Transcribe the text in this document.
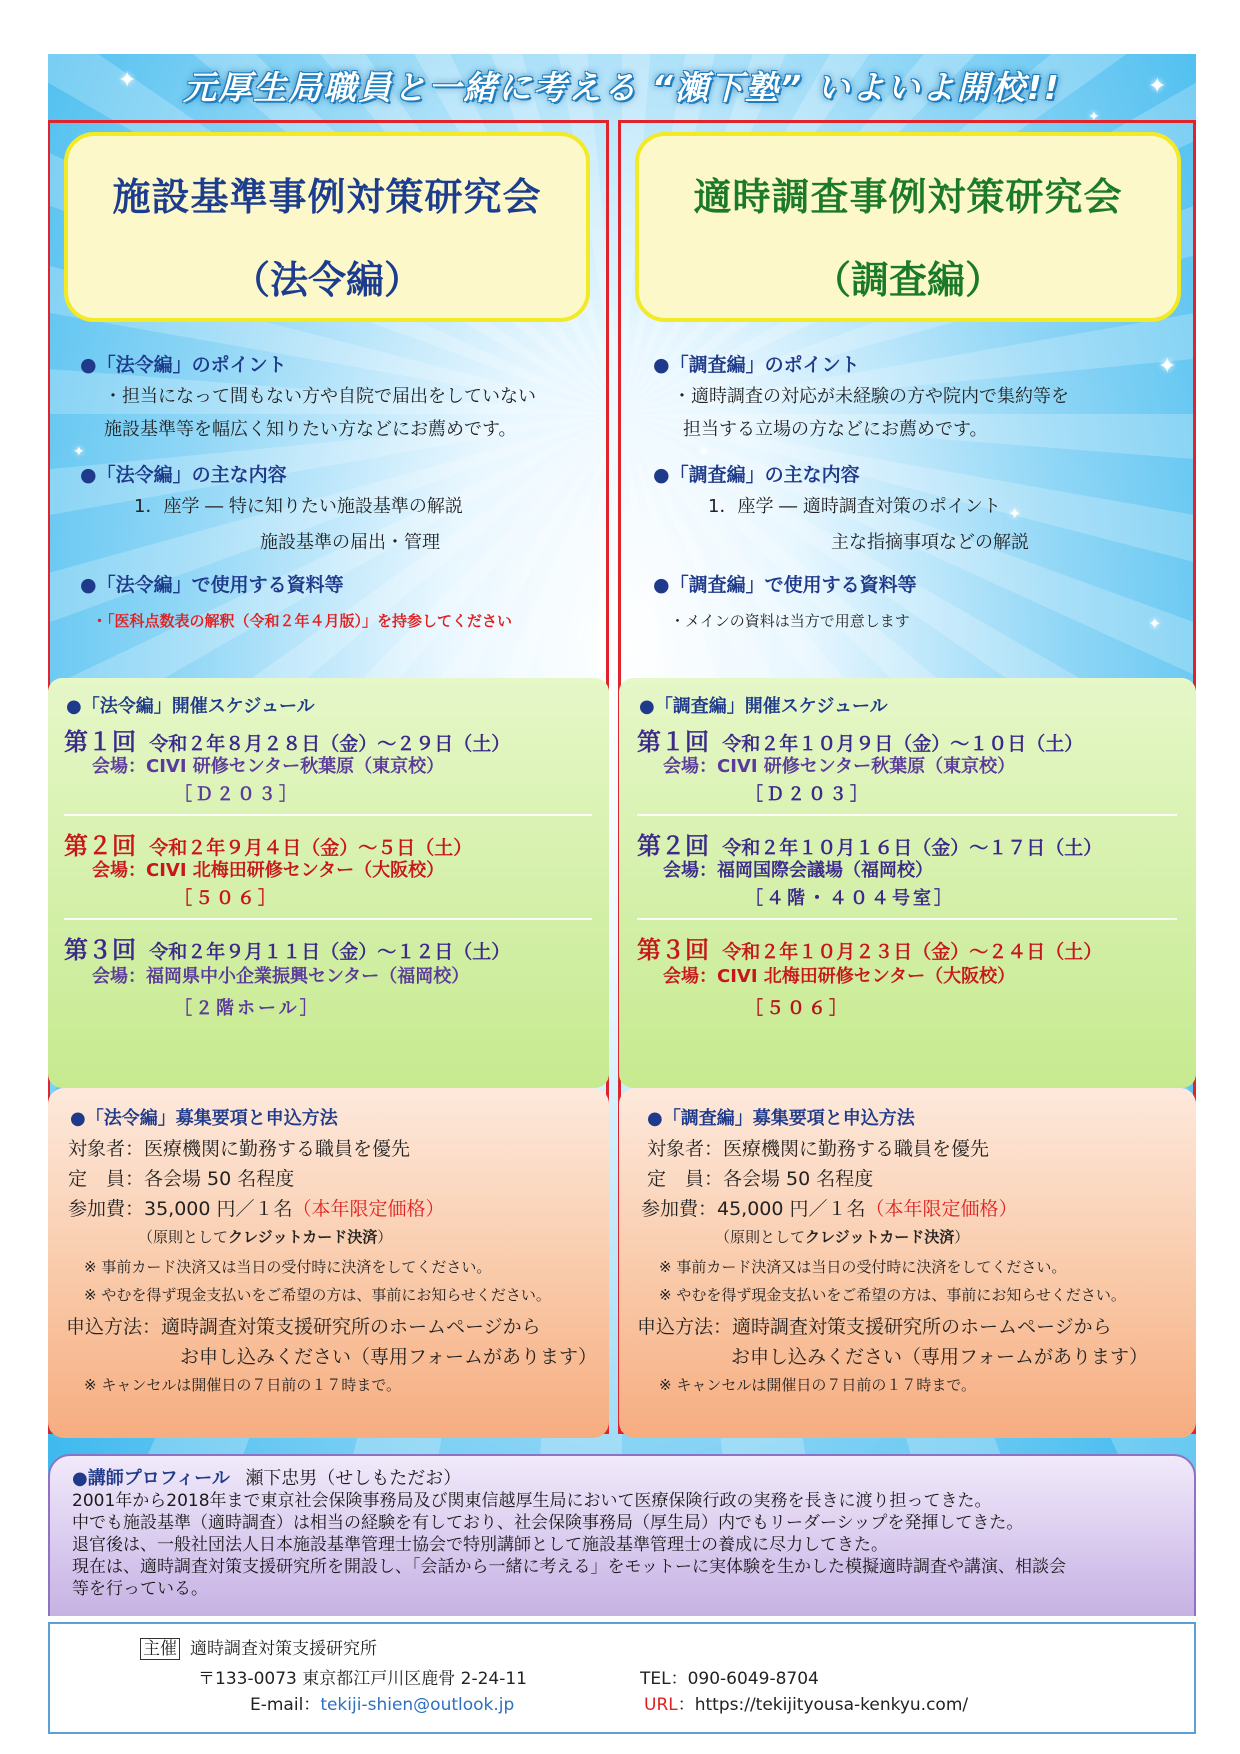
✦	✦
✦
✦
✦
✦
✦
✦
元厚生局職員と一緒に考える “瀬下塾” いよいよ開校!!
施設基準事例対策研究会
（法令編）
適時調査事例対策研究会
（調査編）
●「法令編」のポイント
・担当になって間もない方や自院で届出をしていない
施設基準等を幅広く知りたい方などにお薦めです。
●「法令編」の主な内容
1．座学 ― 特に知りたい施設基準の解説
施設基準の届出・管理
●「法令編」で使用する資料等
・「医科点数表の解釈（令和２年４月版）」を持参してください
●「調査編」のポイント
・適時調査の対応が未経験の方や院内で集約等を
担当する立場の方などにお薦めです。
●「調査編」の主な内容
1．座学 ― 適時調査対策のポイント
主な指摘事項などの解説
●「調査編」で使用する資料等
・メインの資料は当方で用意します
●「法令編」開催スケジュール
第１回 令和２年８月２８日（金）〜２９日（土）
会場：CIVI 研修センター秋葉原（東京校）
［Ｄ２０３］
第２回 令和２年９月４日（金）〜５日（土）
会場：CIVI 北梅田研修センター（大阪校）
［５０６］
第３回 令和２年９月１１日（金）〜１２日（土）
会場：福岡県中小企業振興センター（福岡校）
［２階ホール］
●「調査編」開催スケジュール
第１回 令和２年１０月９日（金）〜１０日（土）
会場：CIVI 研修センター秋葉原（東京校）
［Ｄ２０３］
第２回 令和２年１０月１６日（金）〜１７日（土）
会場：福岡国際会議場（福岡校）
［４階・４０４号室］
第３回 令和２年１０月２３日（金）〜２４日（土）
会場：CIVI 北梅田研修センター（大阪校）
［５０６］
●「法令編」募集要項と申込方法
対象者：医療機関に勤務する職員を優先
定　員：各会場 50 名程度
参加費：35,000 円／１名（本年限定価格）
（原則としてクレジットカード決済）
※ 事前カード決済又は当日の受付時に決済をしてください。
※ やむを得ず現金支払いをご希望の方は、事前にお知らせください。
申込方法：適時調査対策支援研究所のホームページから
お申し込みください（専用フォームがあります）
※ キャンセルは開催日の７日前の１７時まで。
●「調査編」募集要項と申込方法
対象者：医療機関に勤務する職員を優先
定　員：各会場 50 名程度
参加費：45,000 円／１名（本年限定価格）
（原則としてクレジットカード決済）
※ 事前カード決済又は当日の受付時に決済をしてください。
※ やむを得ず現金支払いをご希望の方は、事前にお知らせください。
申込方法：適時調査対策支援研究所のホームページから
お申し込みください（専用フォームがあります）
※ キャンセルは開催日の７日前の１７時まで。
●講師プロフィール 瀬下忠男（せしもただお）
2001年から2018年まで東京社会保険事務局及び関東信越厚生局において医療保険行政の実務を長きに渡り担ってきた。
中でも施設基準（適時調査）は相当の経験を有しており、社会保険事務局（厚生局）内でもリーダーシップを発揮してきた。
退官後は、一般社団法人日本施設基準管理士協会で特別講師として施設基準管理士の養成に尽力してきた。
現在は、適時調査対策支援研究所を開設し、「会話から一緒に考える」をモットーに実体験を生かした模擬適時調査や講演、相談会
等を行っている。
主催 適時調査対策支援研究所
〒133-0073 東京都江戸川区鹿骨 2-24-11	TEL：090-6049-8704
E-mail：tekiji-shien@outlook.jp	URL：https://tekijityousa-kenkyu.com/
